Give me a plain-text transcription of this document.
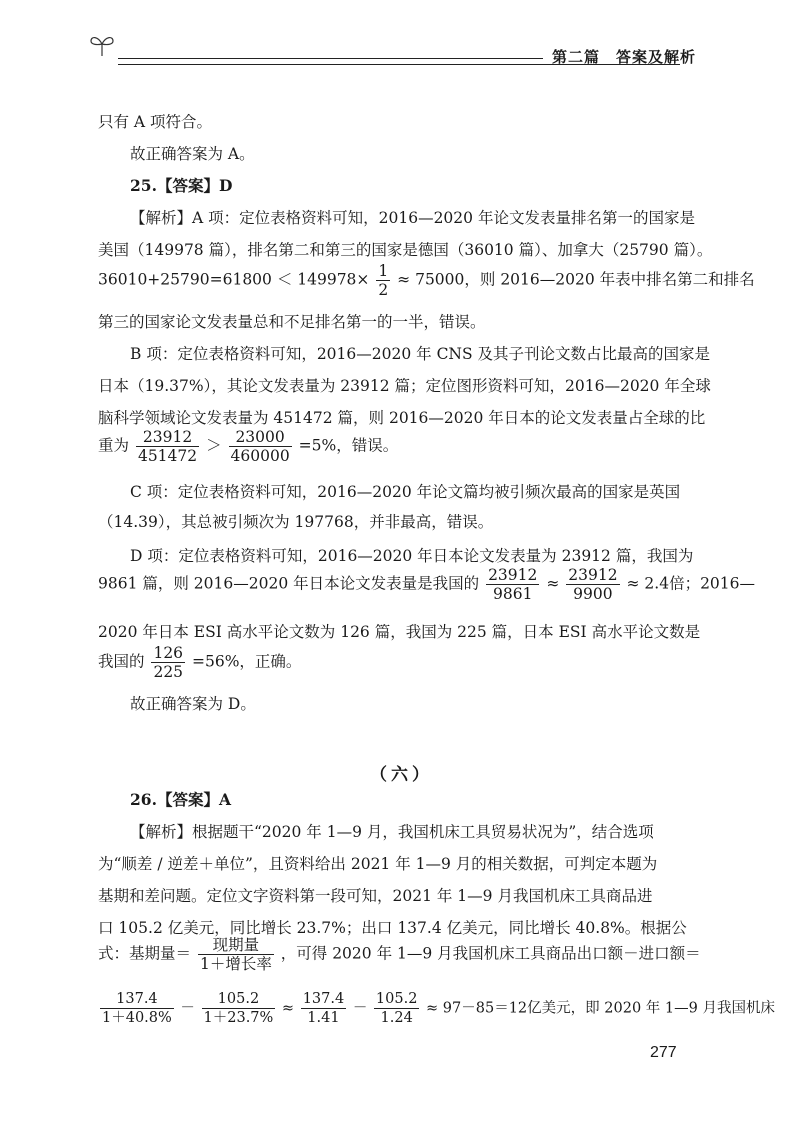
第二篇　答案及解析
只有 A 项符合。
故正确答案为 A。
25.【答案】D
【解析】A 项：定位表格资料可知，2016—2020 年论文发表量排名第一的国家是
美国（149978 篇），排名第二和第三的国家是德国（36010 篇）、加拿大（25790 篇）。
$36010+25790=61800 < 149978\times \frac{1}{2} \approx 75000$，则 2016—2020 年表中排名第二和排名
第三的国家论文发表量总和不足排名第一的一半，错误。
B 项：定位表格资料可知，2016—2020 年 CNS 及其子刊论文数占比最高的国家是
日本（19.37%），其论文发表量为 23912 篇；定位图形资料可知，2016—2020 年全球
脑科学领域论文发表量为 451472 篇，则 2016—2020 年日本的论文发表量占全球的比
重为 $\frac{23912}{451472} > \frac{23000}{460000} =5\%$，错误。
C 项：定位表格资料可知，2016—2020 年论文篇均被引频次最高的国家是英国
（14.39），其总被引频次为 197768，并非最高，错误。
D 项：定位表格资料可知，2016—2020 年日本论文发表量为 23912 篇，我国为
9861 篇，则 2016—2020 年日本论文发表量是我国的 $\frac{23912}{9861} \approx \frac{23912}{9900} \approx 2.4$倍；2016—
2020 年日本 ESI 高水平论文数为 126 篇，我国为 225 篇，日本 ESI 高水平论文数是
我国的 $\frac{126}{225} =56\%$，正确。
故正确答案为 D。
（六）
26.【答案】A
【解析】根据题干“2020 年 1—9 月，我国机床工具贸易状况为”，结合选项
为“顺差 / 逆差＋单位”，且资料给出 2021 年 1—9 月的相关数据，可判定本题为
基期和差问题。定位文字资料第一段可知，2021 年 1—9 月我国机床工具商品进
口 105.2 亿美元，同比增长 23.7%；出口 137.4 亿美元，同比增长 40.8%。根据公
式：基期量＝ $\frac{\text{现期量}}{\text{1＋增长率}}$ ，可得 2020 年 1—9 月我国机床工具商品出口额－进口额＝
$\frac{137.4}{1+40.8\%} - \frac{105.2}{1+23.7\%} \approx \frac{137.4}{1.41} - \frac{105.2}{1.24} \approx 97-85=12$亿美元，即 2020 年 1—9 月我国机床
277
